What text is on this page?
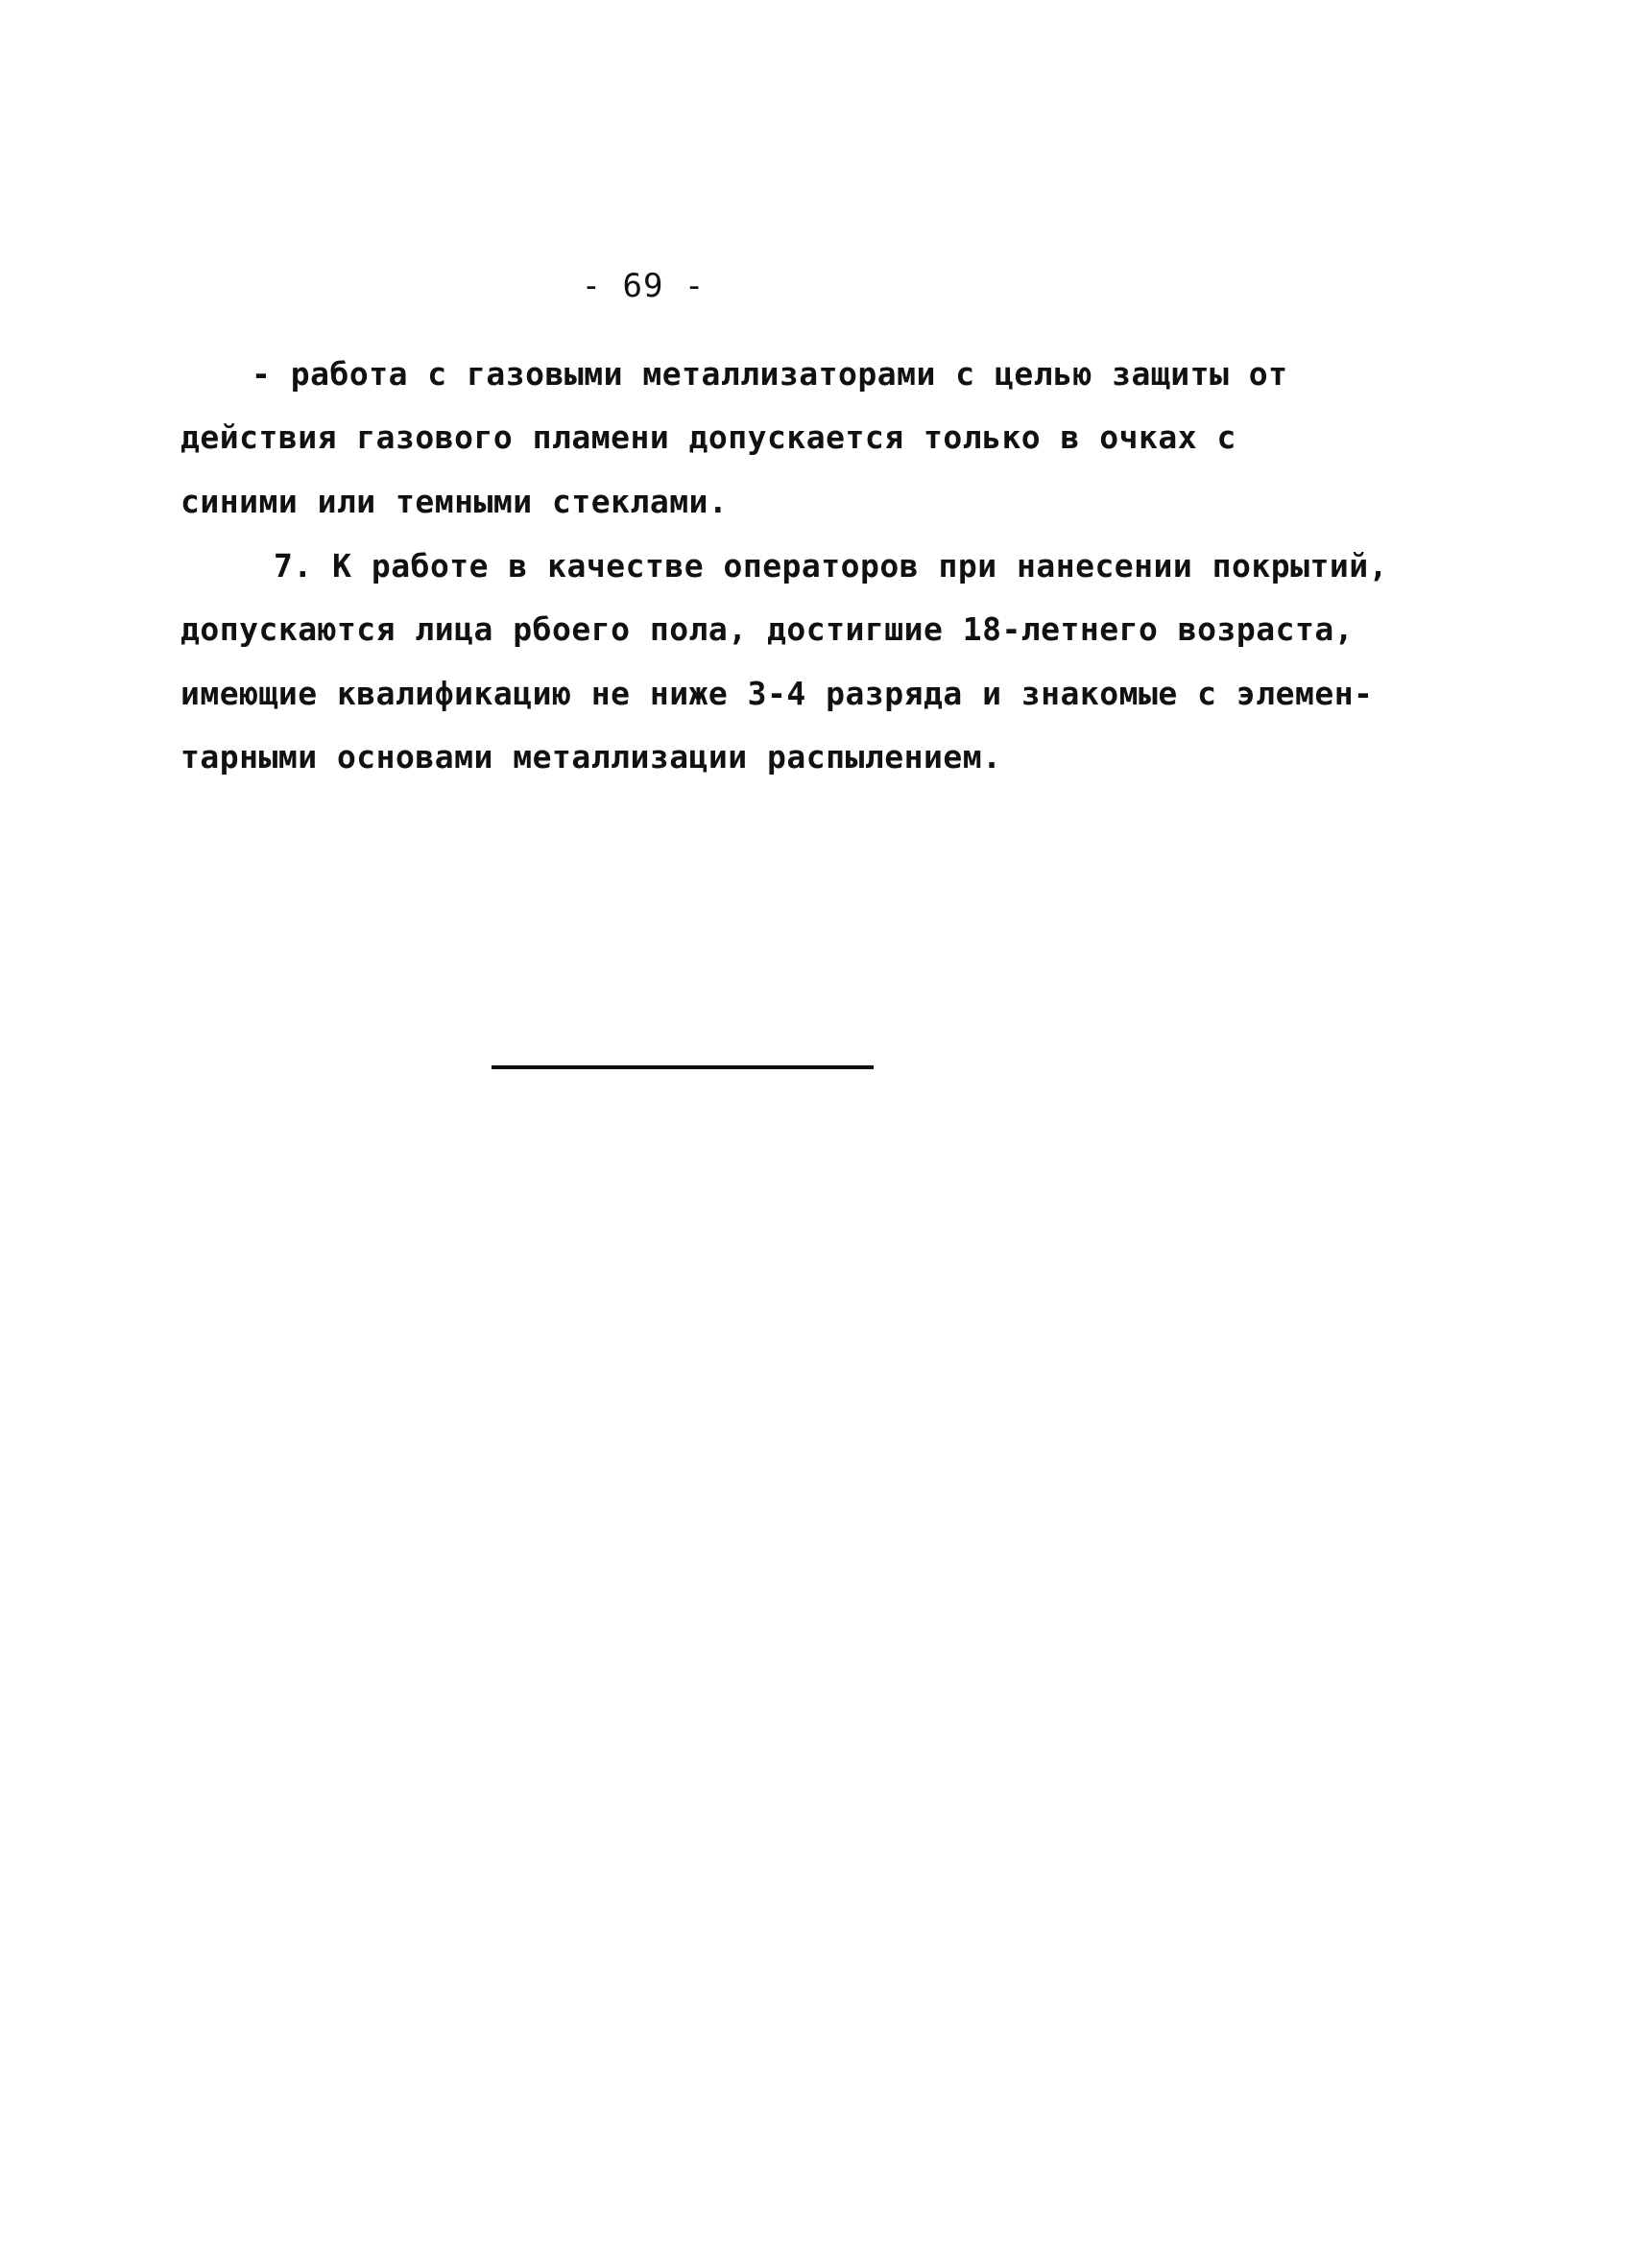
- 69 -
- работа с газовыми металлизаторами с целью защиты от
действия газового пламени допускается только в очках с
синими или темными стеклами.
7. К работе в качестве операторов при нанесении покрытий,
допускаются лица рбоего пола, достигшие 18-летнего возраста,
имеющие квалификацию не ниже 3-4 разряда и знакомые с элемен-
тарными основами металлизации распылением.
